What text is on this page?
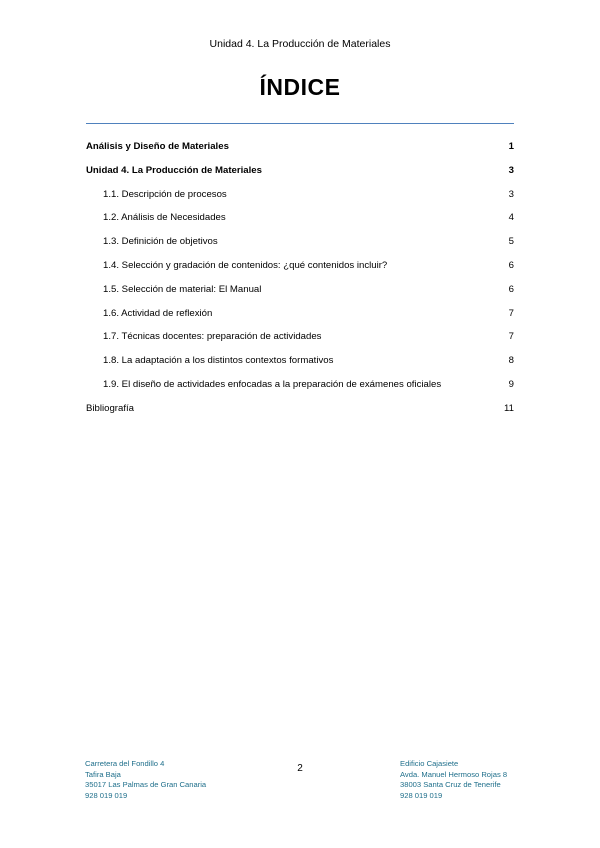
Unidad 4. La Producción de Materiales
ÍNDICE
Análisis y Diseño de Materiales	1
Unidad 4. La Producción de Materiales	3
1.1. Descripción de procesos	3
1.2. Análisis de Necesidades	4
1.3. Definición de objetivos	5
1.4. Selección y gradación de contenidos: ¿qué contenidos incluir?	6
1.5. Selección de material: El Manual	6
1.6. Actividad de reflexión	7
1.7. Técnicas docentes: preparación de actividades	7
1.8. La adaptación a los distintos contextos formativos	8
1.9. El diseño de actividades enfocadas a la preparación de exámenes oficiales	9
Bibliografía	11
Carretera del Fondillo 4
Tafira Baja
35017 Las Palmas de Gran Canaria
928 019 019
2	Edificio Cajasiete
Avda. Manuel Hermoso Rojas 8
38003 Santa Cruz de Tenerife
928 019 019
